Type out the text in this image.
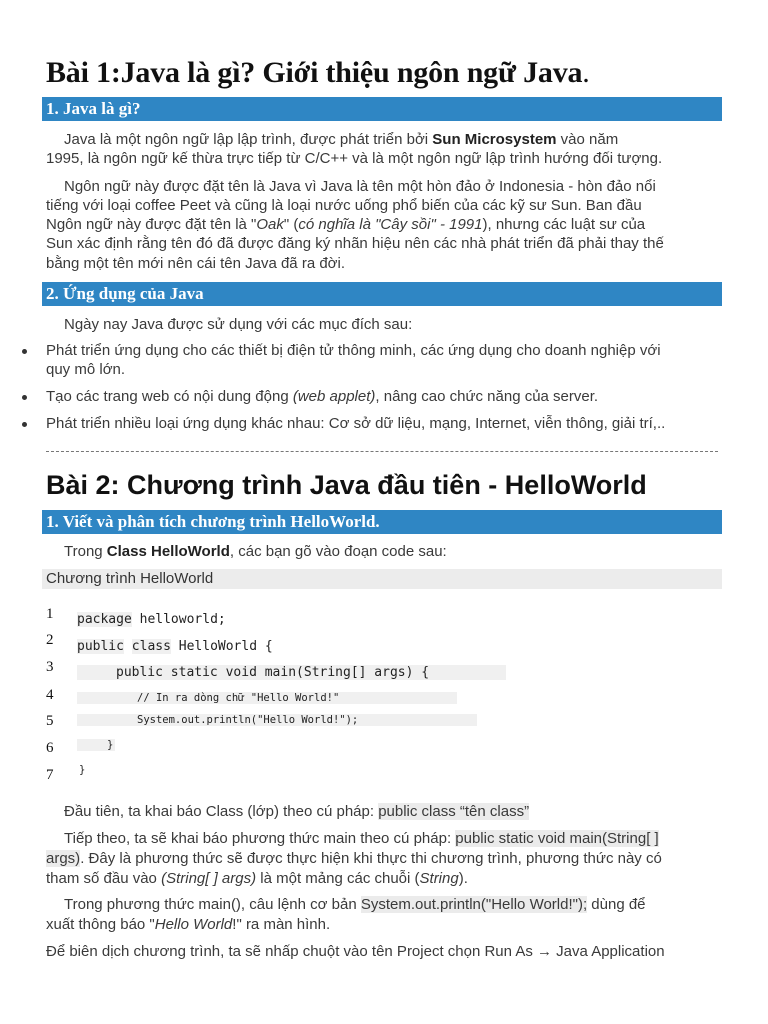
Bài 1:Java là gì? Giới thiệu ngôn ngữ Java.
1. Java là gì?
Java là một ngôn ngữ lập lập trình, được phát triển bởi Sun Microsystem vào năm
1995, là ngôn ngữ kế thừa trực tiếp từ C/C++ và là một ngôn ngữ lập trình hướng đối tượng.
Ngôn ngữ này được đặt tên là Java vì Java là tên một hòn đảo ở Indonesia - hòn đảo nổi
tiếng với loại coffee Peet và cũng là loại nước uống phổ biến của các kỹ sư Sun. Ban đầu
Ngôn ngữ này được đặt tên là "Oak" (có nghĩa là "Cây sồi" - 1991), nhưng các luật sư của
Sun xác định rằng tên đó đã được đăng ký nhãn hiệu nên các nhà phát triển đã phải thay thế
bằng một tên mới nên cái tên Java đã ra đời.
2. Ứng dụng của Java
Ngày nay Java được sử dụng với các mục đích sau:
Phát triển ứng dụng cho các thiết bị điện tử thông minh, các ứng dụng cho doanh nghiệp với
quy mô lớn.
Tạo các trang web có nội dung động (web applet), nâng cao chức năng của server.
Phát triển nhiều loại ứng dụng khác nhau: Cơ sở dữ liệu, mạng, Internet, viễn thông, giải trí,..
Bài 2: Chương trình Java đầu tiên - HelloWorld
1. Viết và phân tích chương trình HelloWorld.
Trong Class HelloWorld, các bạn gõ vào đoạn code sau:
Chương trình HelloWorld
1
2
3
4
5
6
7
package helloworld;
public class HelloWorld {
public static void main(String[] args) {
// In ra dòng chữ "Hello World!"
System.out.println("Hello World!");
}
}
Đầu tiên, ta khai báo Class (lớp) theo cú pháp: public class “tên class”
Tiếp theo, ta sẽ khai báo phương thức main theo cú pháp: public static void main(String[ ]
args). Đây là phương thức sẽ được thực hiện khi thực thi chương trình, phương thức này có
tham số đầu vào (String[ ] args) là một mảng các chuỗi (String).
Trong phương thức main(), câu lệnh cơ bản System.out.println("Hello World!"); dùng để
xuất thông báo "Hello World!" ra màn hình.
Để biên dịch chương trình, ta sẽ nhấp chuột vào tên Project chọn Run As → Java Application
